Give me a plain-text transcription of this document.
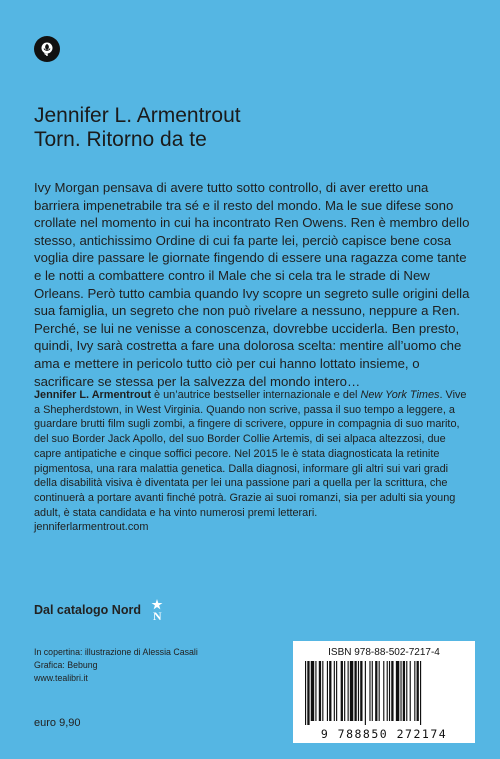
Jennifer L. Armentrout
Torn. Ritorno da te
Ivy Morgan pensava di avere tutto sotto controllo, di aver eretto una barriera impenetrabile tra sé e il resto del mondo. Ma le sue difese sono crollate nel momento in cui ha incontrato Ren Owens. Ren è membro dello stesso, antichissimo Ordine di cui fa parte lei, perciò capisce bene cosa voglia dire passare le giornate fingendo di essere una ragazza come tante e le notti a combattere contro il Male che si cela tra le strade di New Orleans. Però tutto cambia quando Ivy scopre un segreto sulle origini della sua famiglia, un segreto che non può rivelare a nessuno, neppure a Ren. Perché, se lui ne venisse a conoscenza, dovrebbe ucciderla. Ben presto, quindi, Ivy sarà costretta a fare una dolorosa scelta: mentire all’uomo che ama e mettere in pericolo tutto ciò per cui hanno lottato insieme, o sacrificare se stessa per la salvezza del mondo intero…
Jennifer L. Armentrout è un’autrice bestseller internazionale e del New York Times. Vive a Shepherdstown, in West Virginia. Quando non scrive, passa il suo tempo a leggere, a guardare brutti film sugli zombi, a fingere di scrivere, oppure in compagnia di suo marito, del suo Border Jack Apollo, del suo Border Collie Artemis, di sei alpaca altezzosi, due capre antipatiche e cinque soffici pecore. Nel 2015 le è stata diagnosticata la retinite pigmentosa, una rara malattia genetica. Dalla diagnosi, informare gli altri sui vari gradi della disabilità visiva è diventata per lei una passione pari a quella per la scrittura, che continuerà a portare avanti finché potrà. Grazie ai suoi romanzi, sia per adulti sia young adult, è stata candidata e ha vinto numerosi premi letterari.
jenniferlarmentrout.com
Dal catalogo Nord N
In copertina: illustrazione di Alessia Casali
Grafica: Bebung
www.tealibri.it
euro 9,90
ISBN 978-88-502-7217-4
9 788850 272174
